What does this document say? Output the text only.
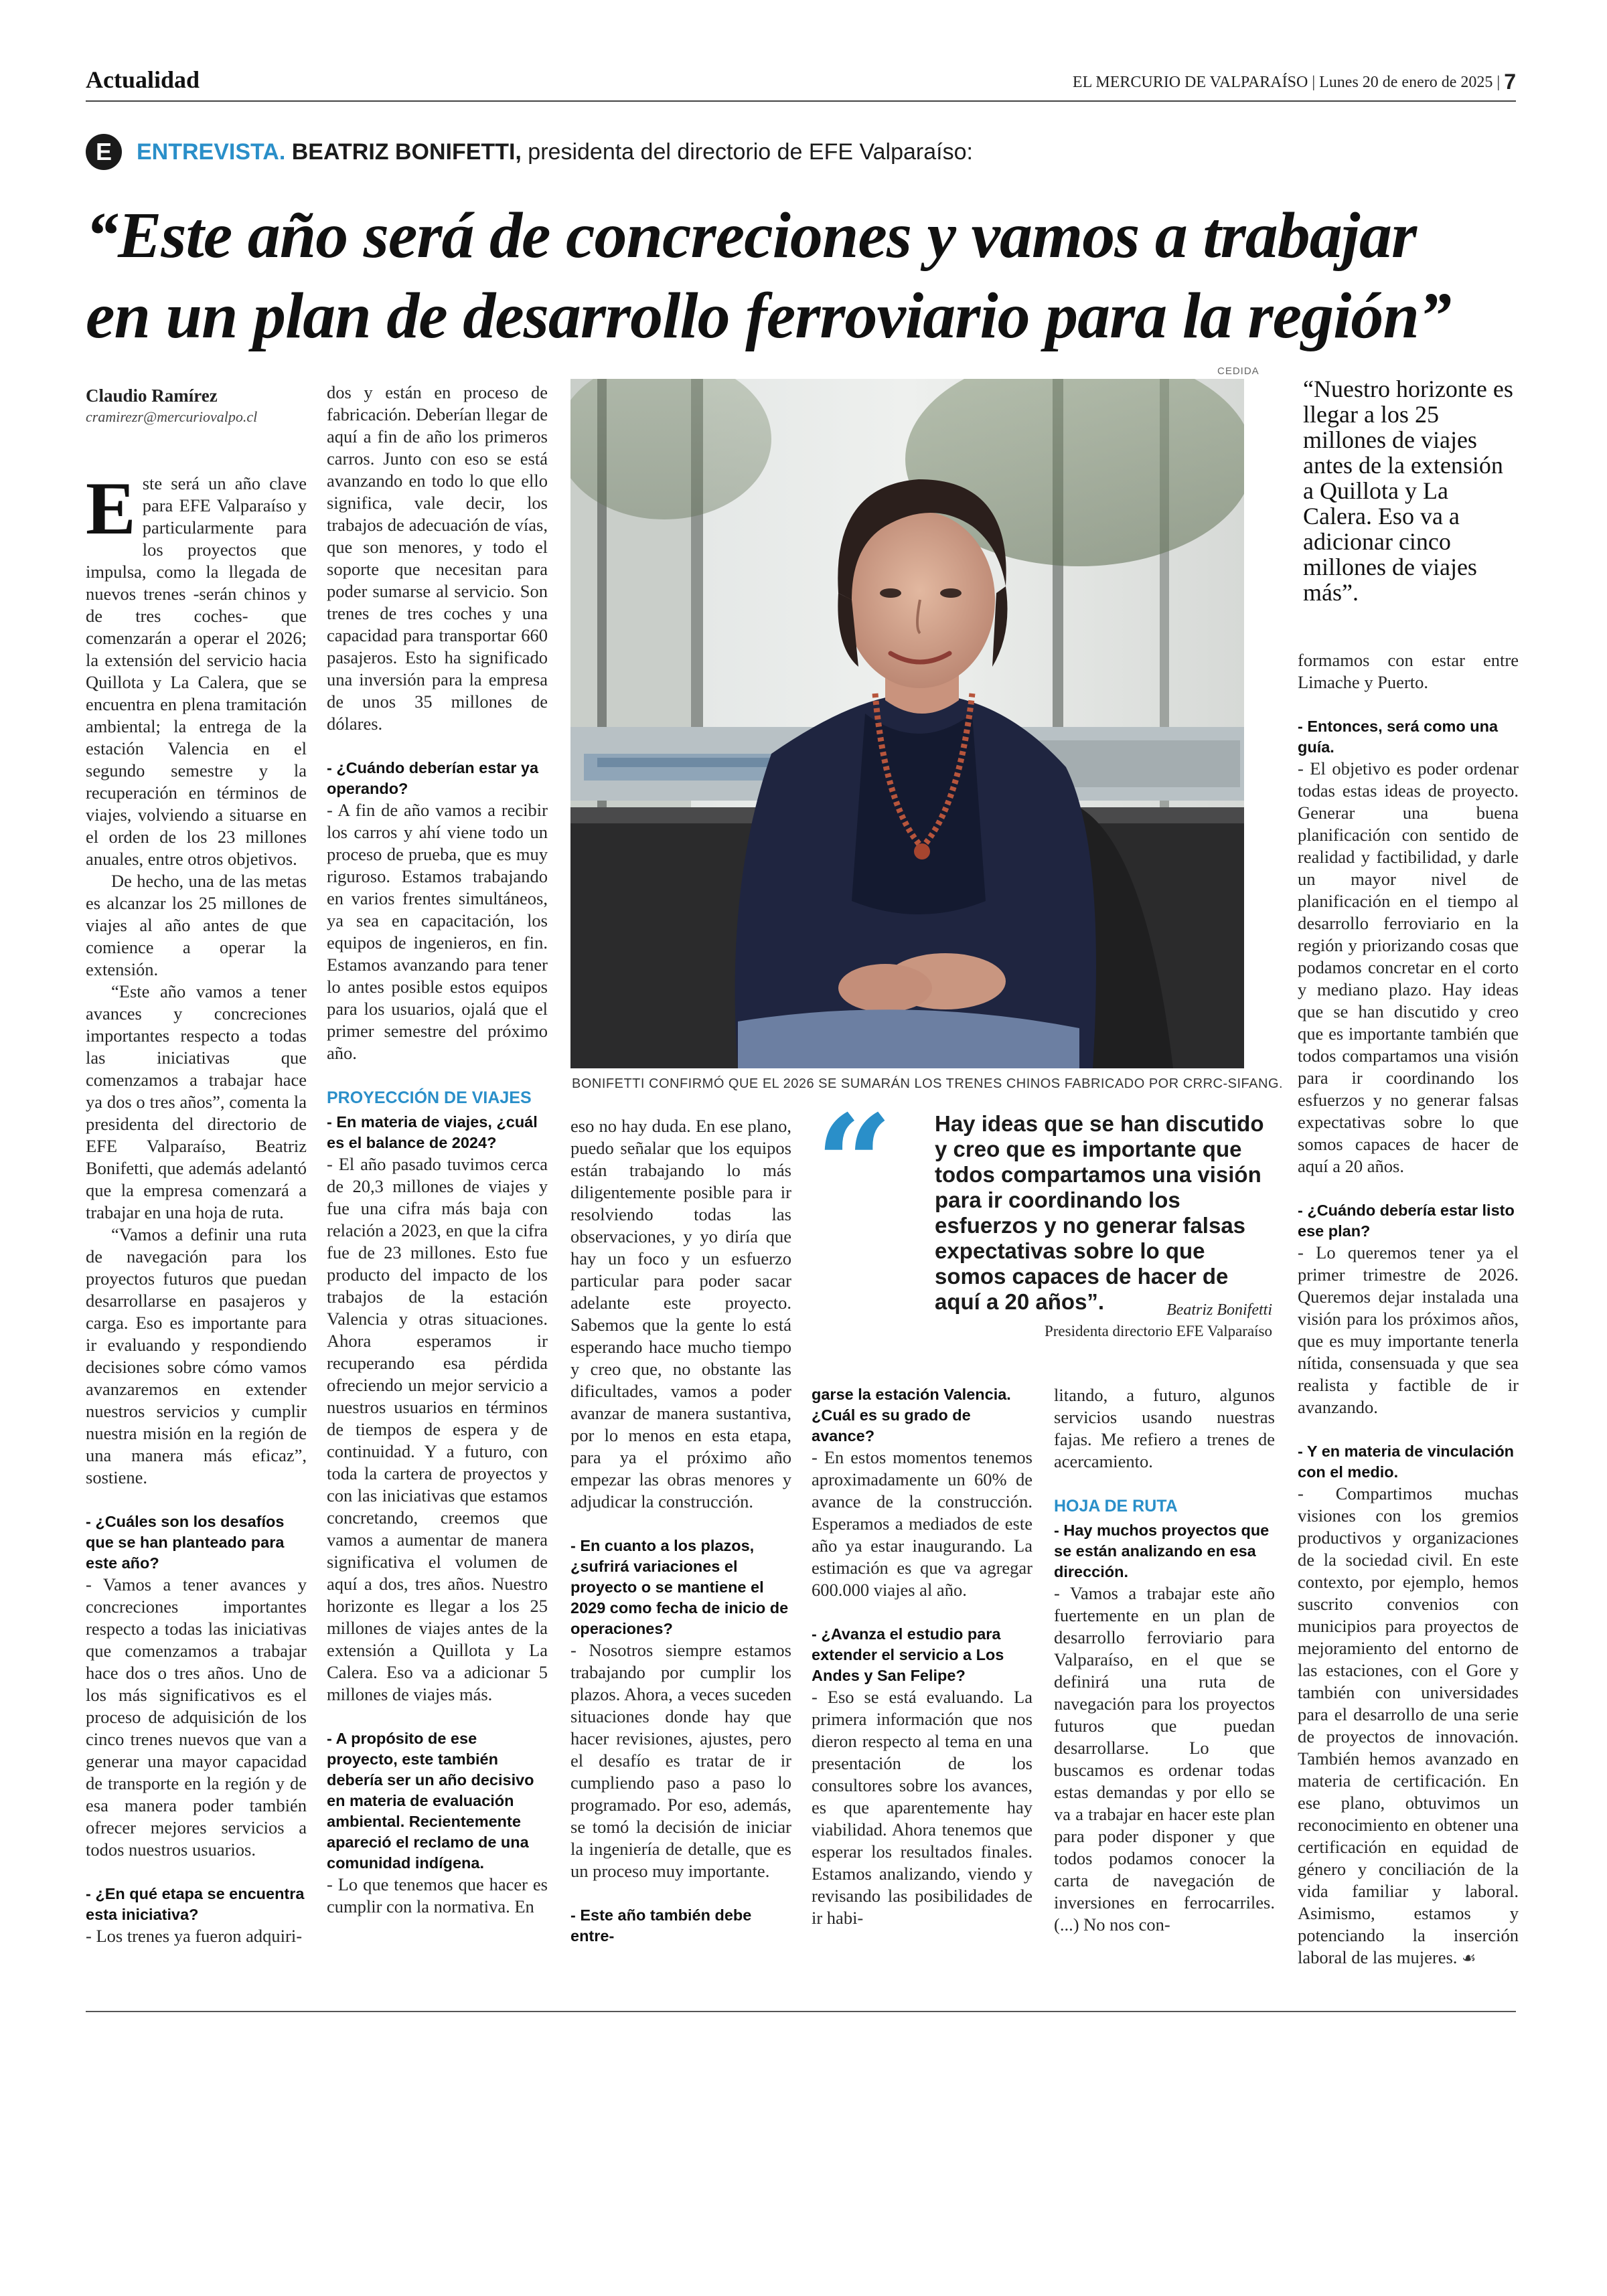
Actualidad	EL MERCURIO DE VALPARAÍSO | Lunes 20 de enero de 2025 | 7
E	ENTREVISTA. BEATRIZ BONIFETTI, presidenta del directorio de EFE Valparaíso:
“Este año será de concreciones y vamos a trabajar
en un plan de desarrollo ferroviario para la región”
Claudio Ramírez
cramirezr@mercuriovalpo.cl

Este será un año clave para EFE Valparaíso y particularmente para los proyectos que impulsa, como la llegada de nuevos trenes -serán chinos y de tres coches- que comenzarán a operar el 2026; la extensión del servicio hacia Quillota y La Calera, que se encuentra en plena tramitación ambiental; la entrega de la estación Valencia en el segundo semestre y la recuperación en términos de viajes, volviendo a situarse en el orden de los 23 millones anuales, entre otros objetivos.

De hecho, una de las metas es alcanzar los 25 millones de viajes al año antes de que comience a operar la extensión.

“Este año vamos a tener avances y concreciones importantes respecto a todas las iniciativas que comenzamos a trabajar hace ya dos o tres años”, comenta la presidenta del directorio de EFE Valparaíso, Beatriz Bonifetti, que además adelantó que la empresa comenzará a trabajar en una hoja de ruta.

“Vamos a definir una ruta de navegación para los proyectos futuros que puedan desarrollarse en pasajeros y carga. Eso es importante para ir evaluando y respondiendo decisiones sobre cómo vamos avanzaremos en extender nuestros servicios y cumplir nuestra misión en la región de una manera más eficaz”, sostiene.

- ¿Cuáles son los desafíos que se han planteado para este año?

- Vamos a tener avances y concreciones importantes respecto a todas las iniciativas que comenzamos a trabajar hace dos o tres años. Uno de los más significativos es el proceso de adquisición de los cinco trenes nuevos que van a generar una mayor capacidad de transporte en la región y de esa manera poder también ofrecer mejores servicios a todos nuestros usuarios.

- ¿En qué etapa se encuentra esta iniciativa?

- Los trenes ya fueron adquiri-

dos y están en proceso de fabricación. Deberían llegar de aquí a fin de año los primeros carros. Junto con eso se está avanzando en todo lo que ello significa, vale decir, los trabajos de adecuación de vías, que son menores, y todo el soporte que necesitan para poder sumarse al servicio. Son trenes de tres coches y una capacidad para transportar 660 pasajeros. Esto ha significado una inversión para la empresa de unos 35 millones de dólares.

- ¿Cuándo deberían estar ya operando?

- A fin de año vamos a recibir los carros y ahí viene todo un proceso de prueba, que es muy riguroso. Estamos trabajando en varios frentes simultáneos, ya sea en capacitación, los equipos de ingenieros, en fin. Estamos avanzando para tener lo antes posible estos equipos para los usuarios, ojalá que el primer semestre del próximo año.

PROYECCIÓN DE VIAJES

- En materia de viajes, ¿cuál es el balance de 2024?

- El año pasado tuvimos cerca de 20,3 millones de viajes y fue una cifra más baja con relación a 2023, en que la cifra fue de 23 millones. Esto fue producto del impacto de los trabajos de la estación Valencia y otras situaciones. Ahora esperamos ir recuperando esa pérdida ofreciendo un mejor servicio a nuestros usuarios en términos de tiempos de espera y de continuidad. Y a futuro, con toda la cartera de proyectos y con las iniciativas que estamos concretando, creemos que vamos a aumentar de manera significativa el volumen de aquí a dos, tres años. Nuestro horizonte es llegar a los 25 millones de viajes antes de la extensión a Quillota y La Calera. Eso va a adicionar 5 millones de viajes más.

- A propósito de ese proyecto, este también debería ser un año decisivo en materia de evaluación ambiental. Recientemente apareció el reclamo de una comunidad indígena.

- Lo que tenemos que hacer es cumplir con la normativa. En

CEDIDA
BONIFETTI CONFIRMÓ QUE EL 2026 SE SUMARÁN LOS TRENES CHINOS FABRICADO POR CRRC-SIFANG.

eso no hay duda. En ese plano, puedo señalar que los equipos están trabajando lo más diligentemente posible para ir resolviendo todas las observaciones, y yo diría que hay un foco y un esfuerzo particular para poder sacar adelante este proyecto. Sabemos que la gente lo está esperando hace mucho tiempo y creo que, no obstante las dificultades, vamos a poder avanzar de manera sustantiva, por lo menos en esta etapa, para ya el próximo año empezar las obras menores y adjudicar la construcción.

- En cuanto a los plazos, ¿sufrirá variaciones el proyecto o se mantiene el 2029 como fecha de inicio de operaciones?

- Nosotros siempre estamos trabajando por cumplir los plazos. Ahora, a veces suceden situaciones donde hay que hacer revisiones, ajustes, pero el desafío es tratar de ir cumpliendo paso a paso lo programado. Por eso, además, se tomó la decisión de iniciar la ingeniería de detalle, que es un proceso muy importante.

- Este año también debe entre-

“ Hay ideas que se han discutido y creo que es importante que todos compartamos una visión para ir coordinando los esfuerzos y no generar falsas expectativas sobre lo que somos capaces de hacer de aquí a 20 años”.	Beatriz Bonifetti
Presidenta directorio EFE Valparaíso

garse la estación Valencia. ¿Cuál es su grado de avance?

- En estos momentos tenemos aproximadamente un 60% de avance de la construcción. Esperamos a mediados de este año ya estar inaugurando. La estimación es que va agregar 600.000 viajes al año.

- ¿Avanza el estudio para extender el servicio a Los Andes y San Felipe?

- Eso se está evaluando. La primera información que nos dieron respecto al tema en una presentación de los consultores sobre los avances, es que aparentemente hay viabilidad. Ahora tenemos que esperar los resultados finales. Estamos analizando, viendo y revisando las posibilidades de ir habi-

litando, a futuro, algunos servicios usando nuestras fajas. Me refiero a trenes de acercamiento.

HOJA DE RUTA

- Hay muchos proyectos que se están analizando en esa dirección.

- Vamos a trabajar este año fuertemente en un plan de desarrollo ferroviario para Valparaíso, en el que se definirá una ruta de navegación para los proyectos futuros que puedan desarrollarse. Lo que buscamos es ordenar todas estas demandas y por ello se va a trabajar en hacer este plan para poder disponer y que todos podamos conocer la carta de navegación de inversiones en ferrocarriles. (...) No nos con-

“Nuestro horizonte es llegar a los 25 millones de viajes antes de la extensión a Quillota y La Calera. Eso va a adicionar cinco millones de viajes más”.

formamos con estar entre Limache y Puerto.

- Entonces, será como una guía.

- El objetivo es poder ordenar todas estas ideas de proyecto. Generar una buena planificación con sentido de realidad y factibilidad, y darle un mayor nivel de planificación en el tiempo al desarrollo ferroviario en la región y priorizando cosas que podamos concretar en el corto y mediano plazo. Hay ideas que se han discutido y creo que es importante también que todos compartamos una visión para ir coordinando los esfuerzos y no generar falsas expectativas sobre lo que somos capaces de hacer de aquí a 20 años.

- ¿Cuándo debería estar listo ese plan?

- Lo queremos tener ya el primer trimestre de 2026. Queremos dejar instalada una visión para los próximos años, que es muy importante tenerla nítida, consensuada y que sea realista y factible de ir avanzando.

- Y en materia de vinculación con el medio.

- Compartimos muchas visiones con los gremios productivos y organizaciones de la sociedad civil. En este contexto, por ejemplo, hemos suscrito convenios con municipios para proyectos de mejoramiento del entorno de las estaciones, con el Gore y también con universidades para el desarrollo de una serie de proyectos de innovación. También hemos avanzado en materia de certificación. En ese plano, obtuvimos un reconocimiento en obtener una certificación en equidad de género y conciliación de la vida familiar y laboral. Asimismo, estamos y potenciando la inserción laboral de las mujeres. ☙
